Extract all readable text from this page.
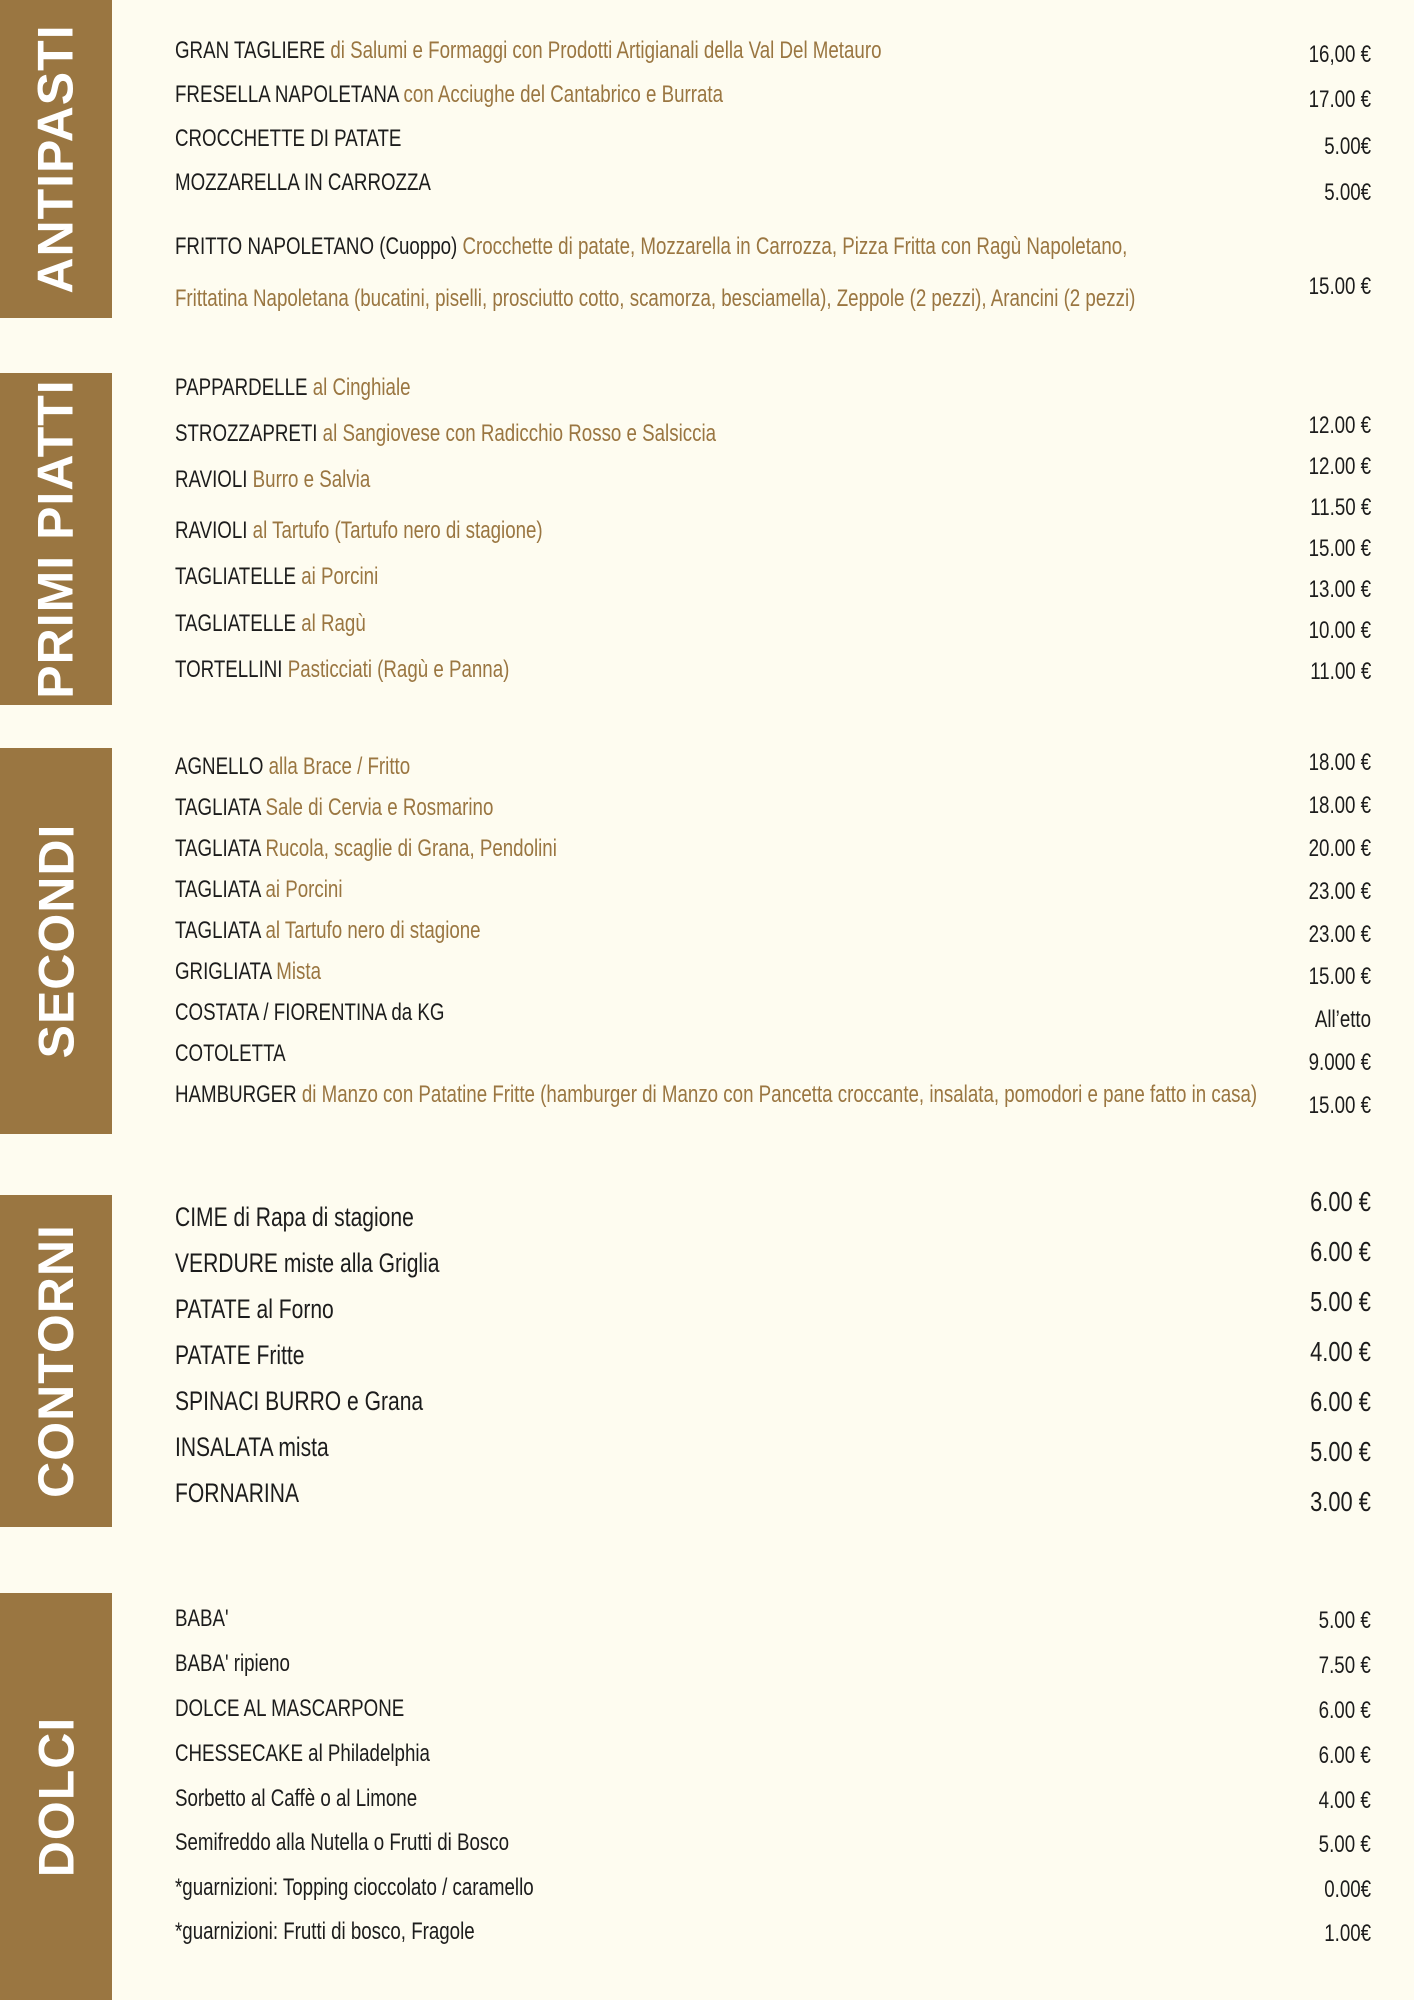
ANTIPASTI
PRIMI PIATTI
SECONDI
CONTORNI
DOLCI
GRAN TAGLIERE di Salumi e Formaggi con Prodotti Artigianali della Val Del Metauro
FRESELLA NAPOLETANA con Acciughe del Cantabrico e Burrata
CROCCHETTE DI PATATE
MOZZARELLA IN CARROZZA
FRITTO NAPOLETANO (Cuoppo) Crocchette di patate, Mozzarella in Carrozza, Pizza Fritta con Ragù Napoletano,
Frittatina Napoletana (bucatini, piselli, prosciutto cotto, scamorza, besciamella), Zeppole (2 pezzi), Arancini (2 pezzi)
16,00 €
17.00 €
5.00€
5.00€
15.00 €
PAPPARDELLE al Cinghiale
STROZZAPRETI al Sangiovese con Radicchio Rosso e Salsiccia
RAVIOLI Burro e Salvia
RAVIOLI al Tartufo (Tartufo nero di stagione)
TAGLIATELLE ai Porcini
TAGLIATELLE al Ragù
TORTELLINI Pasticciati (Ragù e Panna)
12.00 €
12.00 €
11.50 €
15.00 €
13.00 €
10.00 €
11.00 €
AGNELLO alla Brace / Fritto
TAGLIATA Sale di Cervia e Rosmarino
TAGLIATA Rucola, scaglie di Grana, Pendolini
TAGLIATA ai Porcini
TAGLIATA al Tartufo nero di stagione
GRIGLIATA Mista
COSTATA / FIORENTINA da KG
COTOLETTA
HAMBURGER di Manzo con Patatine Fritte (hamburger di Manzo con Pancetta croccante, insalata, pomodori e pane fatto in casa)
18.00 €
18.00 €
20.00 €
23.00 €
23.00 €
15.00 €
All’etto
9.000 €
15.00 €
CIME di Rapa di stagione
VERDURE miste alla Griglia
PATATE al Forno
PATATE Fritte
SPINACI BURRO e Grana
INSALATA mista
FORNARINA
6.00 €
6.00 €
5.00 €
4.00 €
6.00 €
5.00 €
3.00 €
BABA'
BABA' ripieno
DOLCE AL MASCARPONE
CHESSECAKE al Philadelphia
Sorbetto al Caffè o al Limone
Semifreddo alla Nutella o Frutti di Bosco
*guarnizioni: Topping cioccolato / caramello
*guarnizioni: Frutti di bosco, Fragole
5.00 €
7.50 €
6.00 €
6.00 €
4.00 €
5.00 €
0.00€
1.00€
